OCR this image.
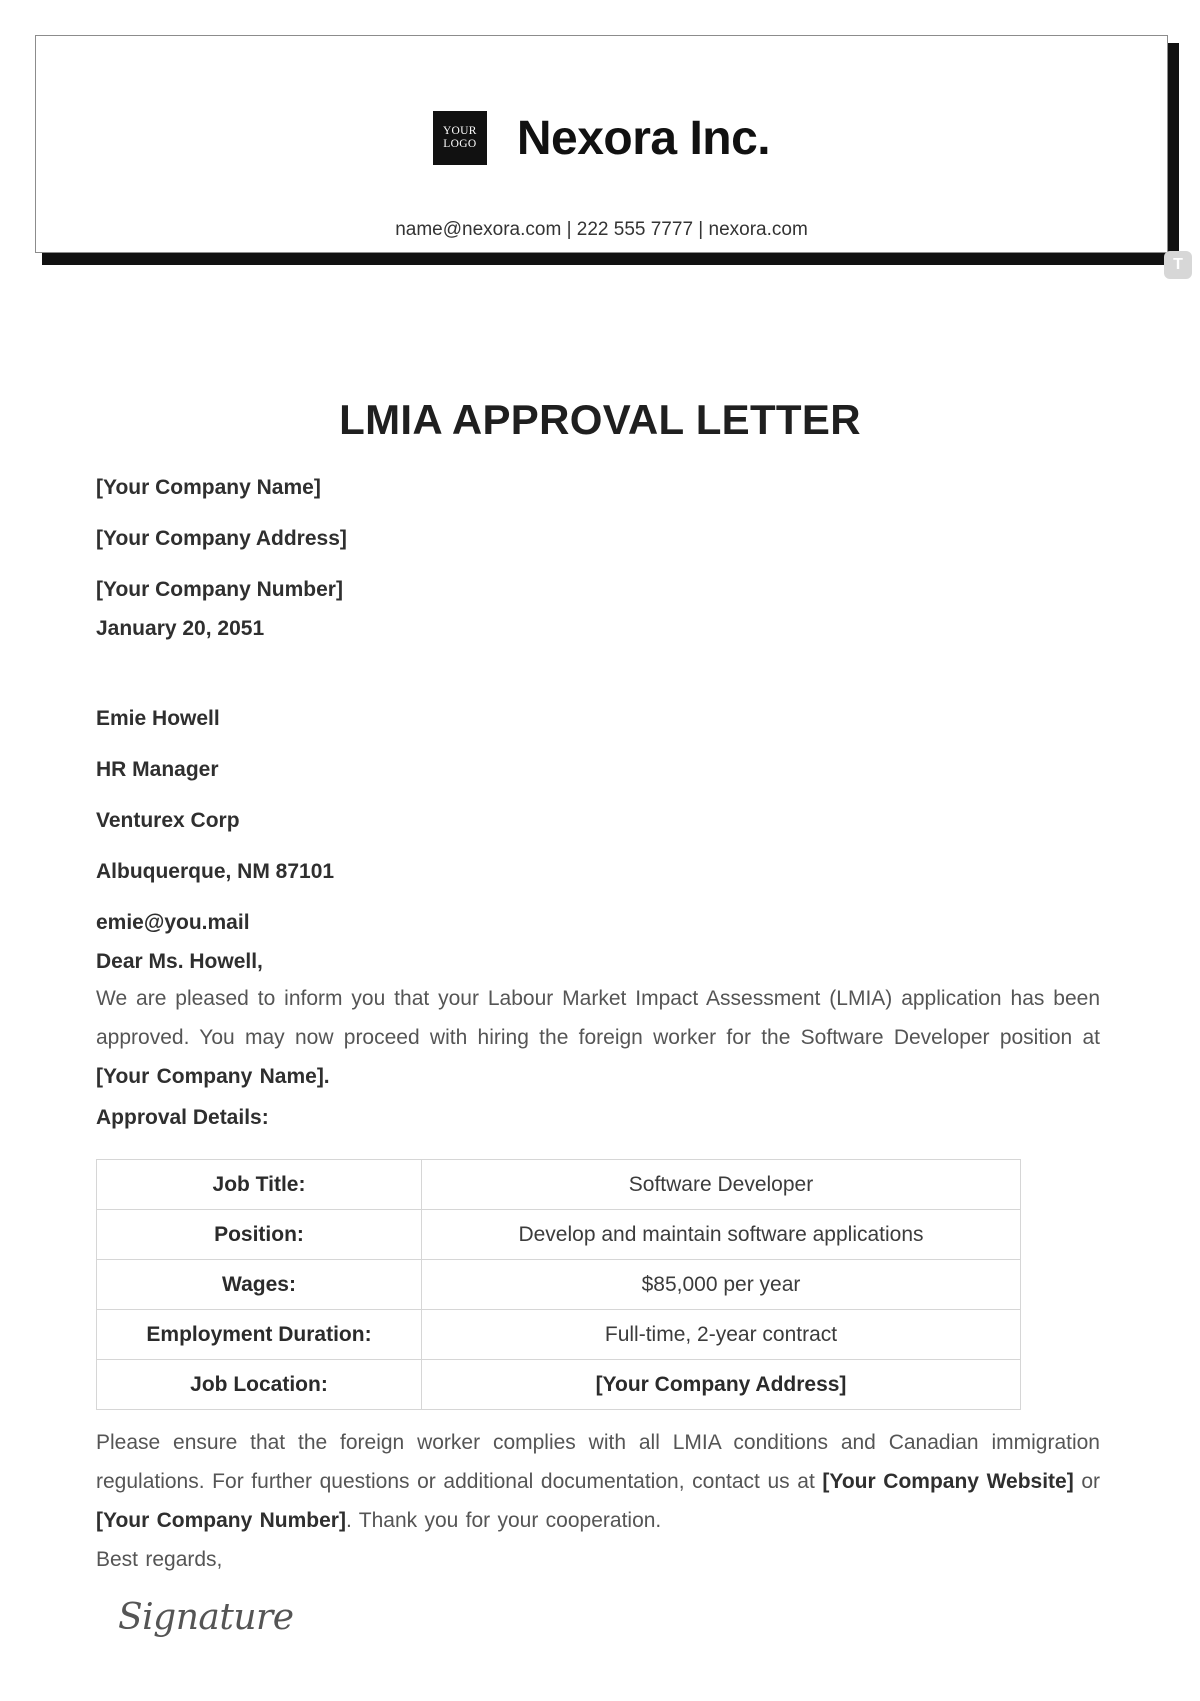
YOUR
LOGO Nexora Inc.
name@nexora.com | 222 555 7777 | nexora.com
T
LMIA APPROVAL LETTER
[Your Company Name]
[Your Company Address]
[Your Company Number]
January 20, 2051
Emie Howell
HR Manager
Venturex Corp
Albuquerque, NM 87101
emie@you.mail
Dear Ms. Howell,
We are pleased to inform you that your Labour Market Impact Assessment (LMIA) application has been approved. You may now proceed with hiring the foreign worker for the Software Developer position at [Your Company Name].
Approval Details:
Job Title:	Software Developer
Position:	Develop and maintain software applications
Wages:	$85,000 per year
Employment Duration:	Full-time, 2-year contract
Job Location:	[Your Company Address]
Please ensure that the foreign worker complies with all LMIA conditions and Canadian immigration regulations. For further questions or additional documentation, contact us at [Your Company Website] or [Your Company Number]. Thank you for your cooperation.
Best regards,
Signature
